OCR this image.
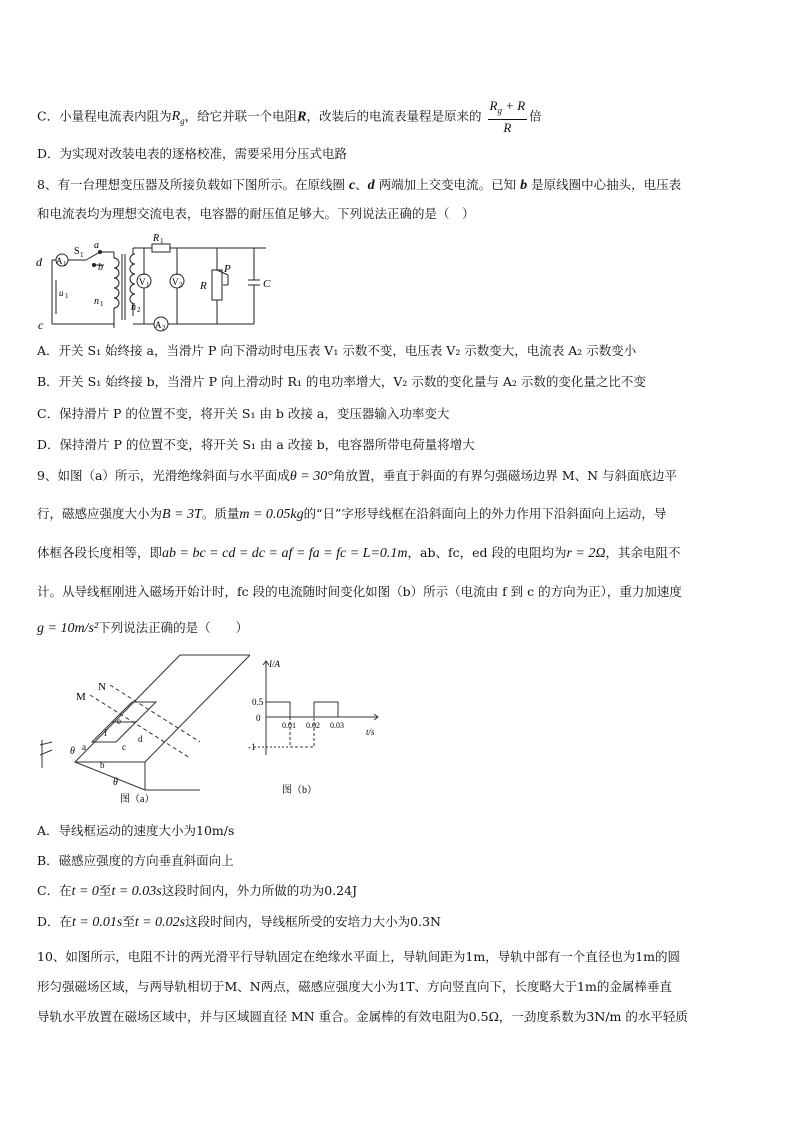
C．小量程电流表内阻为$R_g$，给它并联一个电阻R，改装后的电流表量程是原来的 $\frac{R_g + R}{R}$ 倍
D．为实现对改装电表的逐格校准，需要采用分压式电路
8、有一台理想变压器及所接负载如下图所示。在原线圈 c、d 两端加上交变电流。已知 b 是原线圈中心抽头，电压表
和电流表均为理想交流电表，电容器的耐压值足够大。下列说法正确的是（　）
d
c
A 1
S 1
a
b
u 1	n 1	n 2
R 1
V 1	V 2 R
P
C
A 2
A．开关 S₁ 始终接 a，当滑片 P 向下滑动时电压表 V₁ 示数不变，电压表 V₂ 示数变大，电流表 A₂ 示数变小
B．开关 S₁ 始终接 b，当滑片 P 向上滑动时 R₁ 的电功率增大，V₂ 示数的变化量与 A₂ 示数的变化量之比不变
C．保持滑片 P 的位置不变，将开关 S₁ 由 b 改接 a，变压器输入功率变大
D．保持滑片 P 的位置不变，将开关 S₁ 由 a 改接 b，电容器所带电荷量将增大
9、如图（a）所示，光滑绝缘斜面与水平面成θ = 30°角放置，垂直于斜面的有界匀强磁场边界 M、N 与斜面底边平
行，磁感应强度大小为B = 3T。质量m = 0.05kg的“日”字形导线框在沿斜面向上的外力作用下沿斜面向上运动，导
体框各段长度相等，即ab = bc = cd = dc = af = fa = fc = L=0.1m，ab、fc，ed 段的电阻均为r = 2Ω，其余电阻不
计。从导线框刚进入磁场开始计时，fc 段的电流随时间变化如图（b）所示（电流由 f 到 c 的方向为正），重力加速度
g = 10m/s²下列说法正确的是（　　）
N
M
f
e
d
a	c
b
θ
θ
图（a）
I/A
0.5
0
-1
0.01 0.02 0.03
t/s
图（b）
A．导线框运动的速度大小为10m/s
B．磁感应强度的方向垂直斜面向上
C．在t = 0至t = 0.03s这段时间内，外力所做的功为0.24J
D．在t = 0.01s至t = 0.02s这段时间内，导线框所受的安培力大小为0.3N
10、如图所示，电阻不计的两光滑平行导轨固定在绝缘水平面上，导轨间距为1m，导轨中部有一个直径也为1m的圆
形匀强磁场区域，与两导轨相切于M、N两点，磁感应强度大小为1T、方向竖直向下，长度略大于1m的金属棒垂直
导轨水平放置在磁场区域中，并与区域圆直径 MN 重合。金属棒的有效电阻为0.5Ω，一劲度系数为3N/m 的水平轻质
